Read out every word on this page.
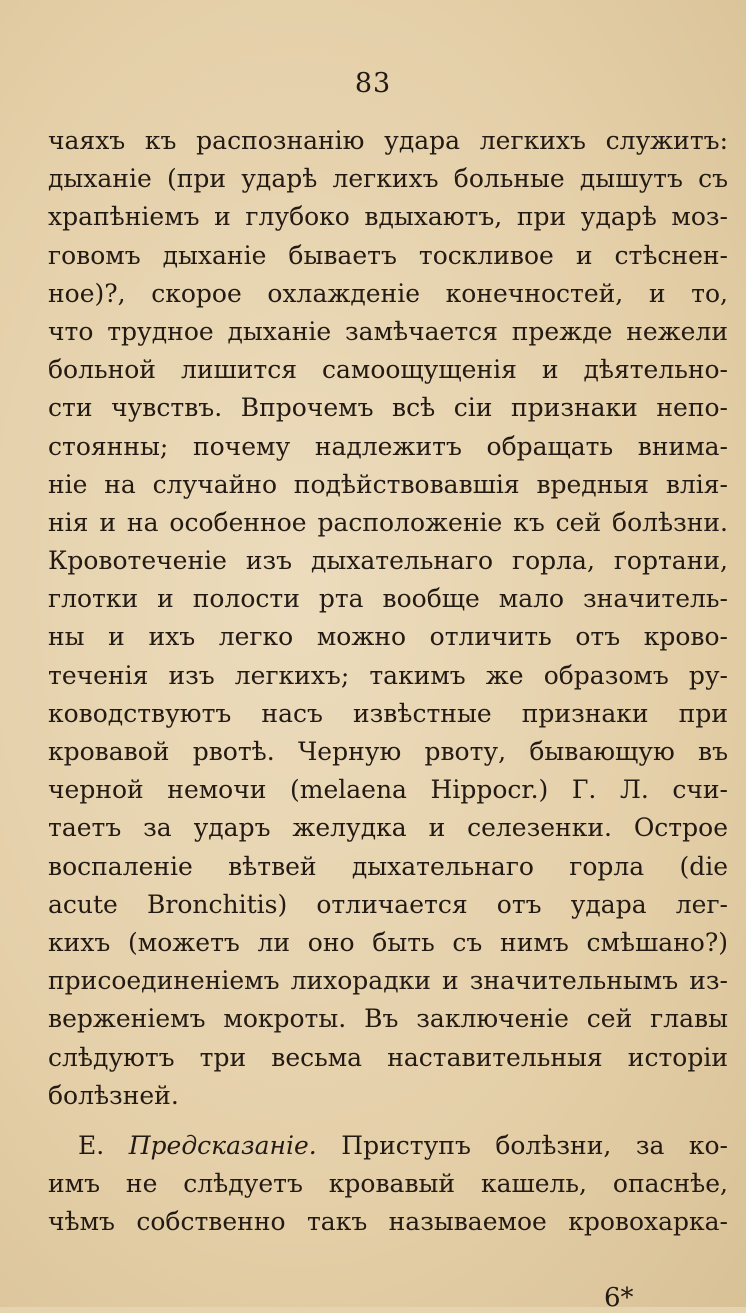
83
чаяхъ къ распознанію удара легкихъ служитъ:
дыханіе (при ударѣ легкихъ больные дышутъ съ
храпѣніемъ и глубоко вдыхаютъ, при ударѣ моз-
говомъ дыханіе бываетъ тоскливое и стѣснен-
ное)?, скорое охлажденіе конечностей, и то,
что трудное дыханіе замѣчается прежде нежели
больной лишится самоощущенія и дѣятельно-
сти чувствъ. Впрочемъ всѣ сіи признаки непо-
стоянны; почему надлежитъ обращать внима-
ніе на случайно подѣйствовавшія вредныя влія-
нія и на особенное расположеніе къ сей болѣзни.
Кровотеченіе изъ дыхательнаго горла, гортани,
глотки и полости рта вообще мало значитель-
ны и ихъ легко можно отличить отъ крово-
теченія изъ легкихъ; такимъ же образомъ ру-
ководствуютъ насъ извѣстные признаки при
кровавой рвотѣ. Черную рвоту, бывающую въ
черной немочи (melaena Hippocr.) Г. Л. счи-
таетъ за ударъ желудка и селезенки. Острое
воспаленіе вѣтвей дыхательнаго горла (die
acute Bronchitis) отличается отъ удара лег-
кихъ (можетъ ли оно быть съ нимъ смѣшано?)
присоединеніемъ лихорадки и значительнымъ из-
верженіемъ мокроты. Въ заключеніе сей главы
слѣдуютъ три весьма наставительныя исторіи
болѣзней.
Е. Предсказаніе. Приступъ болѣзни, за ко-
имъ не слѣдуетъ кровавый кашель, опаснѣе,
чѣмъ собственно такъ называемое кровохарка-
6*
